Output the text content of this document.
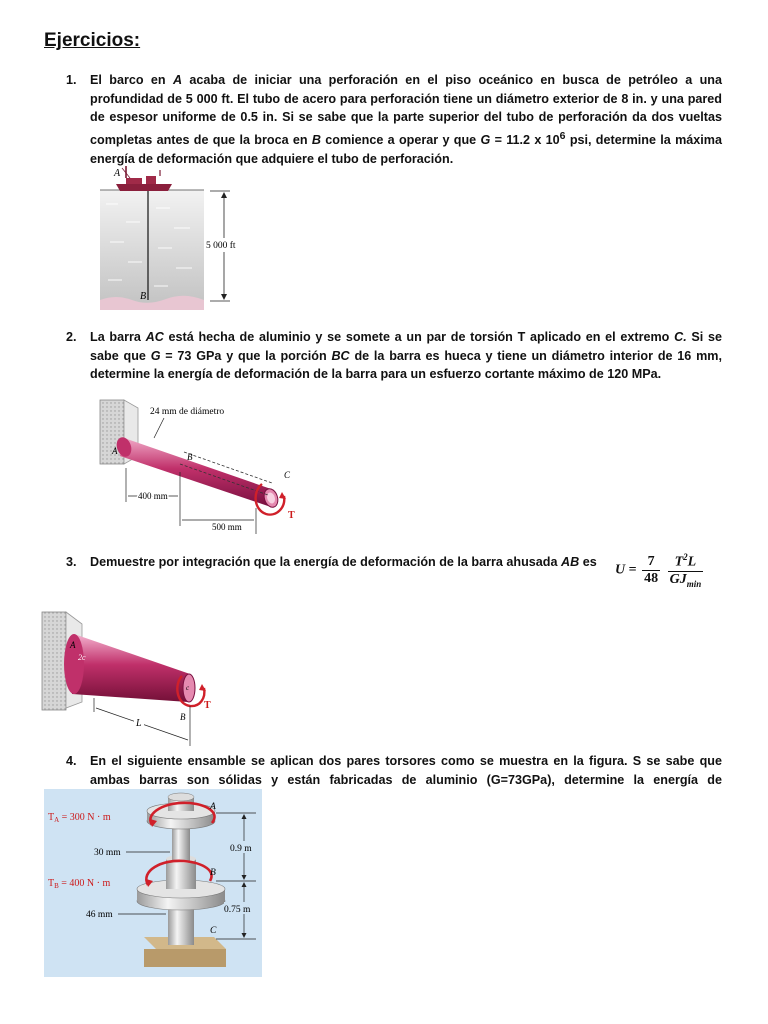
Ejercicios:
1. El barco en A acaba de iniciar una perforación en el piso oceánico en busca de petróleo a una profundidad de 5 000 ft. El tubo de acero para perforación tiene un diámetro exterior de 8 in. y una pared de espesor uniforme de 0.5 in. Si se sabe que la parte superior del tubo de perforación da dos vueltas completas antes de que la broca en B comience a operar y que G = 11.2 x $10^6$ psi, determine la máxima energía de deformación que adquiere el tubo de perforación.
A
B
5 000 ft
2. La barra AC está hecha de aluminio y se somete a un par de torsión T aplicado en el extremo C. Si se sabe que G = 73 GPa y que la porción BC de la barra es hueca y tiene un diámetro interior de 16 mm, determine la energía de deformación de la barra para un esfuerzo cortante máximo de 120 MPa.
24 mm de diámetro
A
B
C
T
400 mm
500 mm
3. Demuestre por integración que la energía de deformación de la barra ahusada AB es
$U = \frac{7}{48}$
$\frac{T^2L}{GJ_{min}}$
A
2c
c
B
T
L
4. En el siguiente ensamble se aplican dos pares torsores como se muestra en la figura. S se sabe que ambas barras son sólidas y están fabricadas de aluminio (G=73GPa), determine la energía de
$T_A = 300$ N · m
$T_B = 400$ N · m
30 mm
46 mm
A
B
C
0.9 m
0.75 m
